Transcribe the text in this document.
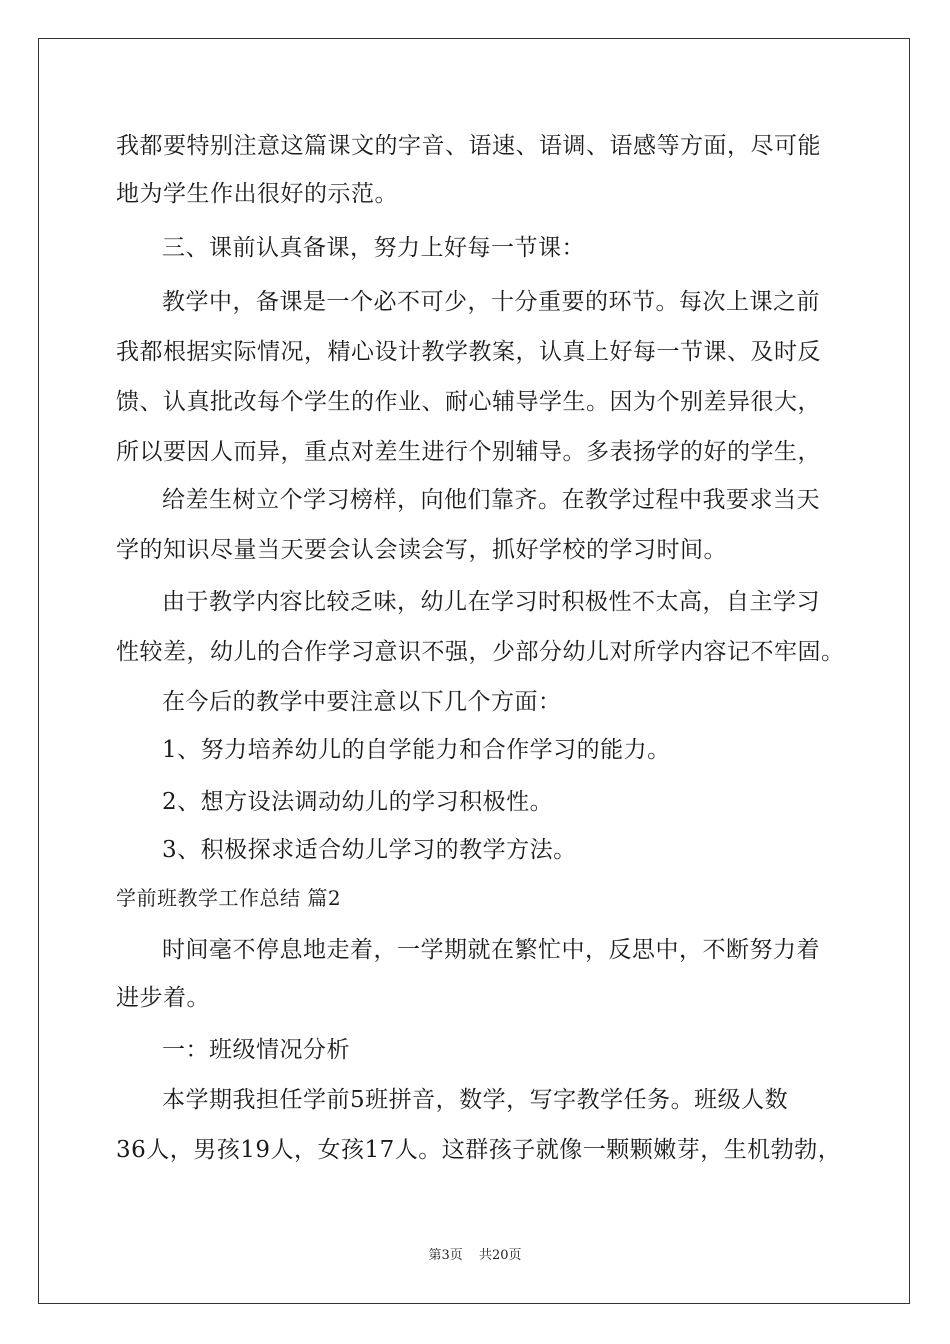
我都要特别注意这篇课文的字音、语速、语调、语感等方面，尽可能
地为学生作出很好的示范。
三、课前认真备课，努力上好每一节课：
教学中，备课是一个必不可少，十分重要的环节。每次上课之前
我都根据实际情况，精心设计教学教案，认真上好每一节课、及时反
馈、认真批改每个学生的作业、耐心辅导学生。因为个别差异很大，
所以要因人而异，重点对差生进行个别辅导。多表扬学的好的学生，
给差生树立个学习榜样，向他们靠齐。在教学过程中我要求当天
学的知识尽量当天要会认会读会写，抓好学校的学习时间。
由于教学内容比较乏味，幼儿在学习时积极性不太高，自主学习
性较差，幼儿的合作学习意识不强，少部分幼儿对所学内容记不牢固。
在今后的教学中要注意以下几个方面：
1、努力培养幼儿的自学能力和合作学习的能力。
2、想方设法调动幼儿的学习积极性。
3、积极探求适合幼儿学习的教学方法。
学前班教学工作总结 篇2
时间毫不停息地走着，一学期就在繁忙中，反思中，不断努力着
进步着。
一：班级情况分析
本学期我担任学前5班拼音，数学，写字教学任务。班级人数
36人，男孩19人，女孩17人。这群孩子就像一颗颗嫩芽，生机勃勃，
第3页 共20页
